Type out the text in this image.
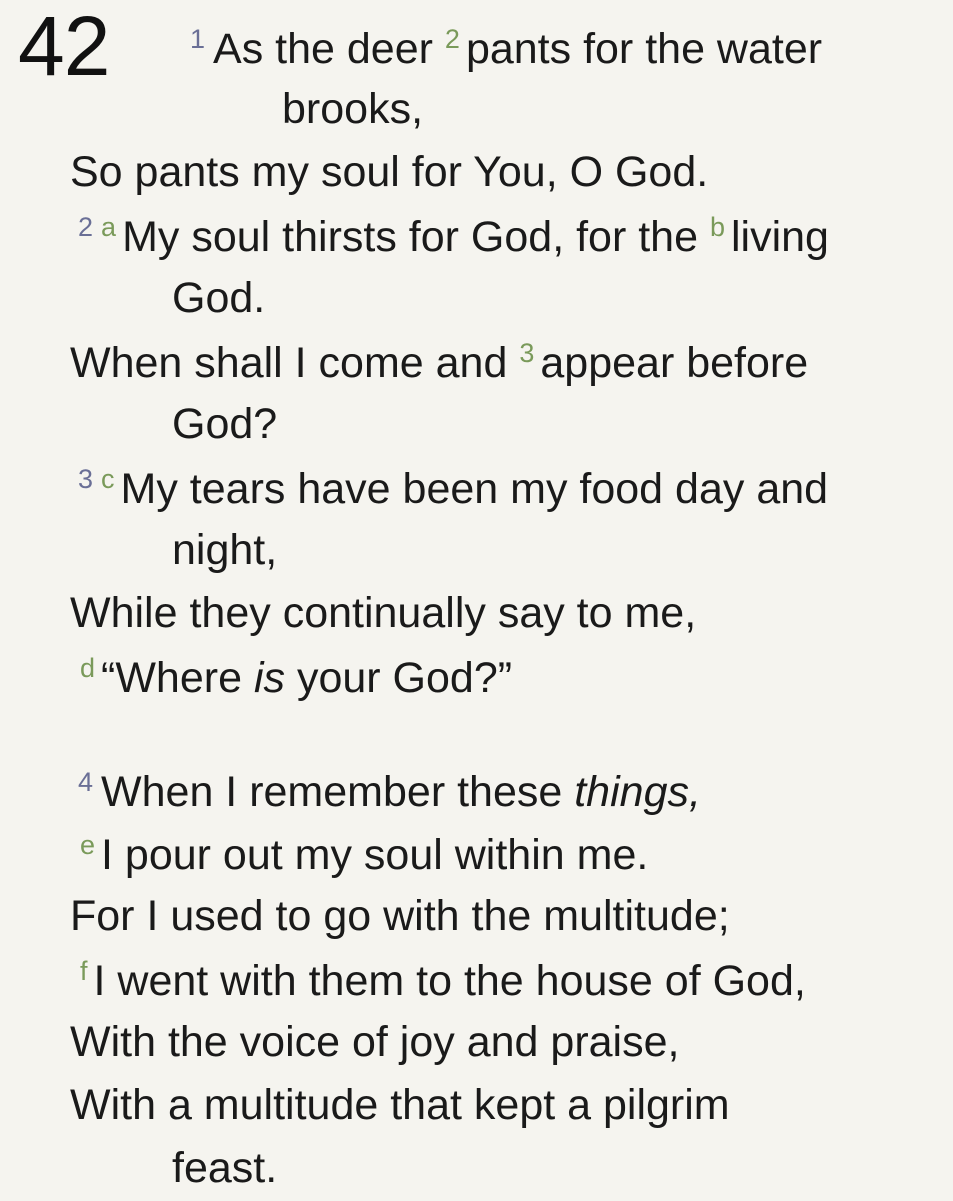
42	$^1$ As the deer $^2$ pants for the water
brooks,
So pants my soul for You, O God.
$^2$ $^a$ My soul thirsts for God, for the $^b$ living
God.
When shall I come and $^3$ appear before
God?
$^3$ $^c$ My tears have been my food day and
night,
While they continually say to me,
$^d$ “Where is your God?”
$^4$ When I remember these things,
$^e$ I pour out my soul within me.
For I used to go with the multitude;
$^f$ I went with them to the house of God,
With the voice of joy and praise,
With a multitude that kept a pilgrim
feast.
